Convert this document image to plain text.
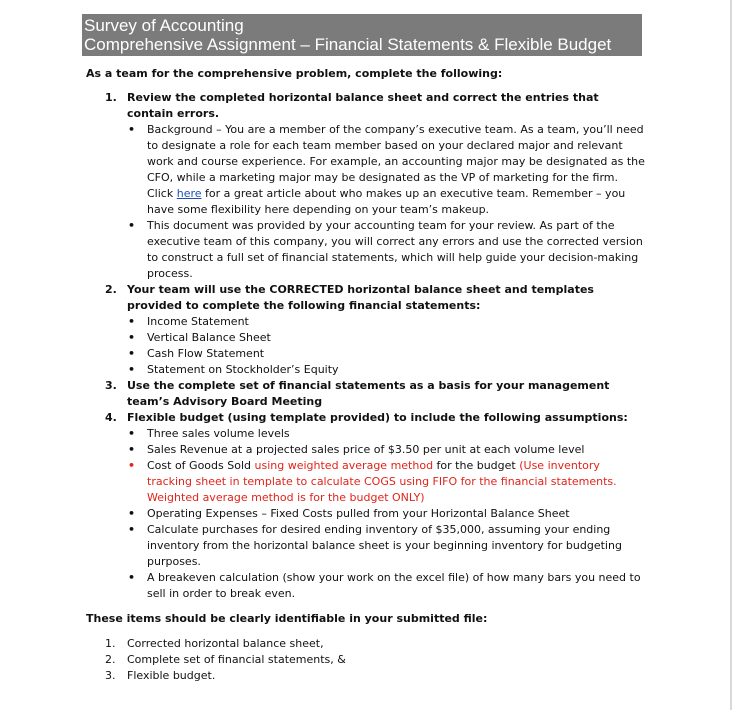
Survey of Accounting
Comprehensive Assignment – Financial Statements & Flexible Budget
As a team for the comprehensive problem, complete the following:
1. Review the completed horizontal balance sheet and correct the entries that contain errors.
• Background – You are a member of the company’s executive team. As a team, you’ll need to designate a role for each team member based on your declared major and relevant work and course experience. For example, an accounting major may be designated as the CFO, while a marketing major may be designated as the VP of marketing for the firm. Click here for a great article about who makes up an executive team. Remember – you have some flexibility here depending on your team’s makeup.
• This document was provided by your accounting team for your review. As part of the executive team of this company, you will correct any errors and use the corrected version to construct a full set of financial statements, which will help guide your decision-making process.
2. Your team will use the CORRECTED horizontal balance sheet and templates provided to complete the following financial statements:
• Income Statement
• Vertical Balance Sheet
• Cash Flow Statement
• Statement on Stockholder’s Equity
3. Use the complete set of financial statements as a basis for your management team’s Advisory Board Meeting
4. Flexible budget (using template provided) to include the following assumptions:
• Three sales volume levels
• Sales Revenue at a projected sales price of $3.50 per unit at each volume level
• Cost of Goods Sold using weighted average method for the budget (Use inventory tracking sheet in template to calculate COGS using FIFO for the financial statements. Weighted average method is for the budget ONLY)
• Operating Expenses – Fixed Costs pulled from your Horizontal Balance Sheet
• Calculate purchases for desired ending inventory of $35,000, assuming your ending inventory from the horizontal balance sheet is your beginning inventory for budgeting purposes.
• A breakeven calculation (show your work on the excel file) of how many bars you need to sell in order to break even.
These items should be clearly identifiable in your submitted file:
1. Corrected horizontal balance sheet,
2. Complete set of financial statements, &
3. Flexible budget.
